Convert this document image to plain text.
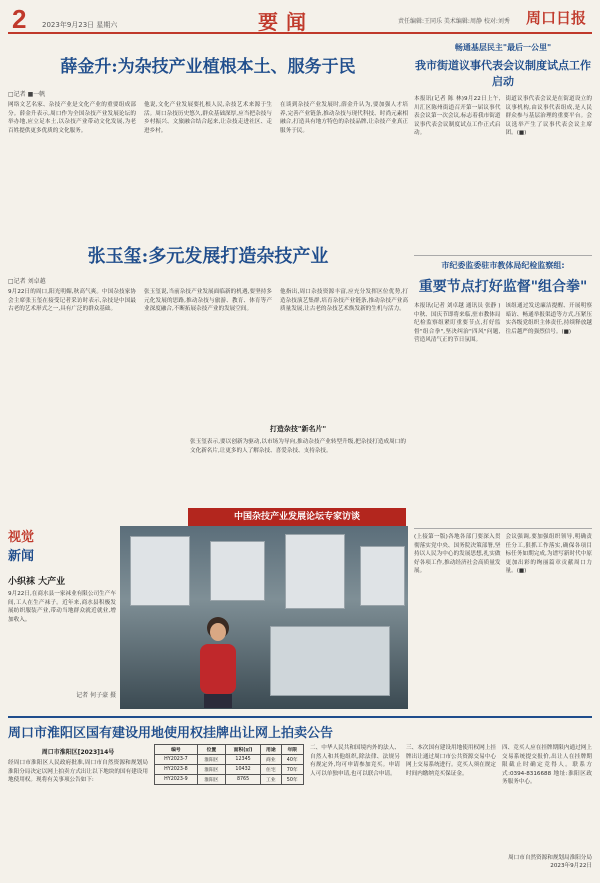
2 2023年9月23日 星期六	要闻	责任编辑:王同乐 美术编辑:周静 校对:刘秀 周口日报
薛金升:为杂技产业植根本土、服务于民
□记者 ■一帆
网络文艺名家、杂技产业是文化产业的重要组成部分。薛金升表示,周口作为全国杂技产业发展论坛的举办地,应立足本土,以杂技产业带动文化发展,为老百姓提供更多优质的文化服务。
他说,文化产业发展要扎根人民,杂技艺术来源于生活。周口杂技历史悠久,群众基础深厚,应当把杂技与乡村振兴、文旅融合结合起来,让杂技走进社区、走进乡村。
在谈到杂技产业发展时,薛金升认为,要加强人才培养,完善产业链条,推动杂技与现代科技、时尚元素相融合,打造具有地方特色的杂技品牌,让杂技产业真正服务于民。
张玉玺:多元发展打造杂技产业
□记者 刘卓越
9月22日的周口,阳光明媚,秋高气爽。中国杂技家协会主席张玉玺在接受记者采访时表示,杂技是中国最古老的艺术形式之一,具有广泛的群众基础。
张玉玺说,当前杂技产业发展面临新的机遇,要坚持多元化发展的思路,推动杂技与旅游、教育、体育等产业深度融合,不断拓展杂技产业的发展空间。
他指出,周口杂技资源丰富,应充分发挥区位优势,打造杂技演艺集群,培育杂技产业链条,推动杂技产业高质量发展,让古老的杂技艺术焕发新的生机与活力。
打造杂技"新名片"
张玉玺表示,要以创新为驱动,以市场为导向,推动杂技产业转型升级,把杂技打造成周口的文化新名片,让更多的人了解杂技、喜爱杂技、支持杂技。
中国杂技产业发展论坛专家访谈
视觉
新闻
小织袜 大产业
9月22日,在商水县一家袜业有限公司生产车间,工人在生产袜子。近年来,商水县积极发展纺织服装产业,带动当地群众就近就业,增加收入。
记者 何子豪 摄
畅通基层民主"最后一公里"
我市街道议事代表会议制度试点工作启动
本报讯(记者 陈 林)9月22日上午,川汇区陈州街道召开第一届议事代表会议第一次会议,标志着我市街道议事代表会议制度试点工作正式启动。
街道议事代表会议是在街道设立的议事机构,由议事代表组成,是人民群众参与基层治理的重要平台。会议选举产生了议事代表会议主席团。(■)
市纪委监委驻市教体局纪检监察组:
重要节点打好监督"组合拳"
本报讯(记者 刘卓越 通讯员 张静 )中秋、国庆节即将来临,驻市教体局纪检监察组紧盯重要节点,打好监督"组合拳",坚决纠治"四风"问题,营造风清气正的节日氛围。
该组通过发送廉洁提醒、开展明察暗访、畅通举报渠道等方式,压紧压实各级党组织主体责任,持续释放越往后越严的强烈信号。(■)
(上接第一版)各地各部门要深入贯彻落实党中央、国务院决策部署,坚持以人民为中心的发展思想,扎实做好各项工作,推动经济社会高质量发展。
会议强调,要加强组织领导,明确责任分工,狠抓工作落实,确保各项目标任务如期完成,为谱写新时代中原更加出彩的绚丽篇章贡献周口力量。(■)
周口市淮阳区国有建设用地使用权挂牌出让网上拍卖公告
周口市淮阳区[2023]14号
经周口市淮阳区人民政府批准,周口市自然资源和规划局淮阳分局决定以网上拍卖方式出让以下地块的国有建设用地使用权。现将有关事项公告如下:
编号	位置	面积(㎡)	用途	年限
HY2023-7	淮阳区	12345	商业	40年
HY2023-8	淮阳区	10432	住宅	70年
HY2023-9	淮阳区	8765	工业	50年
二、中华人民共和国境内外的法人、自然人和其他组织,除法律、法规另有规定外,均可申请参加竞买。申请人可以单独申请,也可以联合申请。
三、本次国有建设用地使用权网上挂牌出让通过周口市公共资源交易中心网上交易系统进行。竞买人须在规定时间内缴纳竞买保证金。
四、竞买人应在挂牌期限内通过网上交易系统提交报价,出让人在挂牌期限截止时确定竞得人。联系方式:0394-8316688 地址:淮阳区政务服务中心。
周口市自然资源和规划局淮阳分局
2023年9月22日
